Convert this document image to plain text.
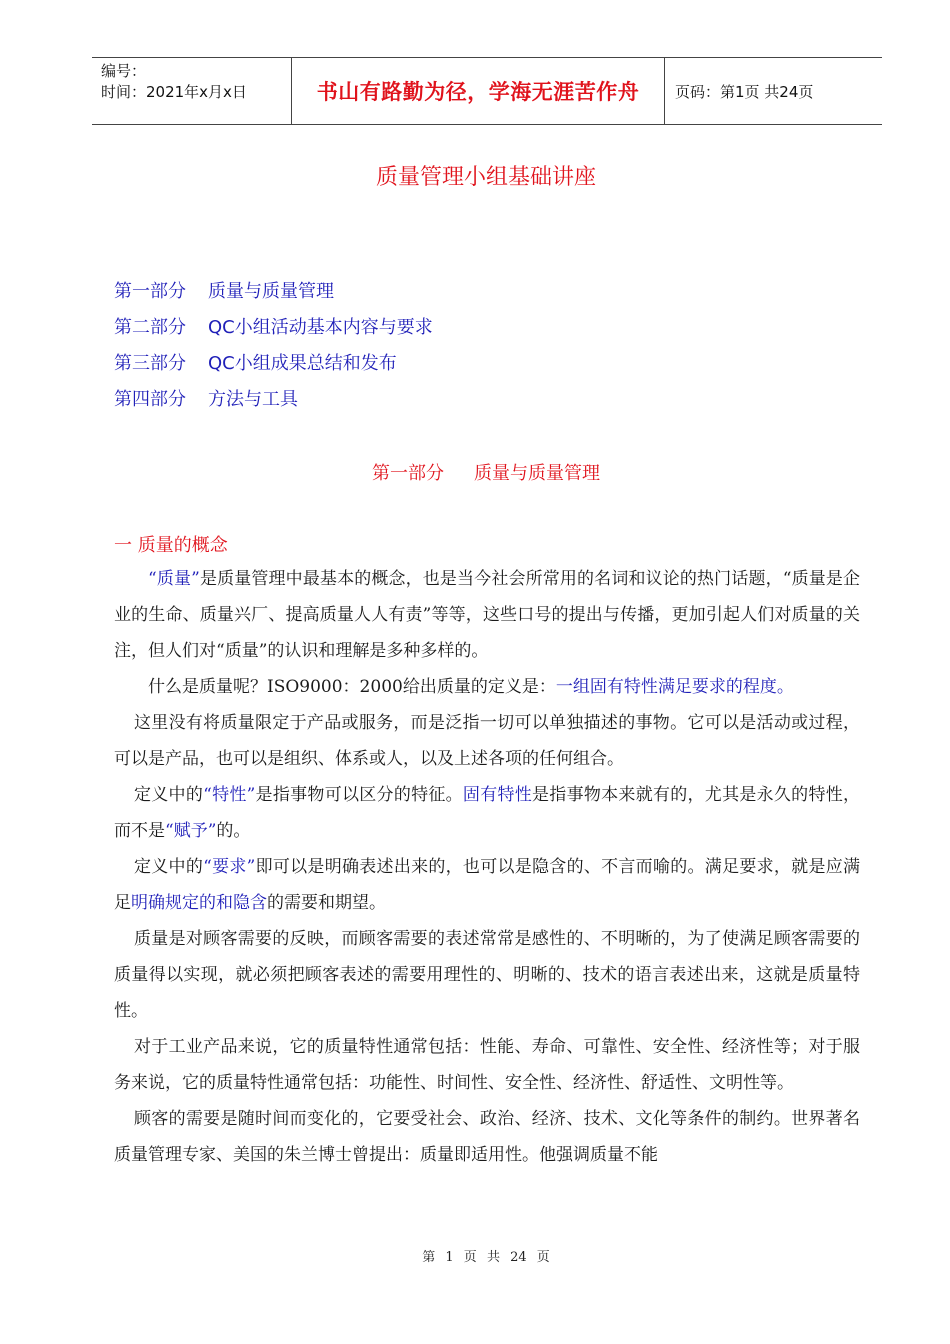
编号：
时间：2021年x月x日	书山有路勤为径，学海无涯苦作舟	页码：第1页 共24页
质量管理小组基础讲座
第一部分	质量与质量管理
第二部分	QC小组活动基本内容与要求
第三部分	QC小组成果总结和发布
第四部分	方法与工具
第一部分 质量与质量管理
一 质量的概念

“质量”是质量管理中最基本的概念，也是当今社会所常用的名词和议论的热门话题，“质量是企业的生命、质量兴厂、提高质量人人有责”等等，这些口号的提出与传播，更加引起人们对质量的关注，但人们对“质量”的认识和理解是多种多样的。

什么是质量呢？ISO9000：2000给出质量的定义是：一组固有特性满足要求的程度。

这里没有将质量限定于产品或服务，而是泛指一切可以单独描述的事物。它可以是活动或过程，可以是产品，也可以是组织、体系或人，以及上述各项的任何组合。

定义中的“特性”是指事物可以区分的特征。固有特性是指事物本来就有的，尤其是永久的特性，而不是“赋予”的。

定义中的“要求”即可以是明确表述出来的，也可以是隐含的、不言而喻的。满足要求，就是应满足明确规定的和隐含的需要和期望。

质量是对顾客需要的反映，而顾客需要的表述常常是感性的、不明晰的，为了使满足顾客需要的质量得以实现，就必须把顾客表述的需要用理性的、明晰的、技术的语言表述出来，这就是质量特性。

对于工业产品来说，它的质量特性通常包括：性能、寿命、可靠性、安全性、经济性等；对于服务来说，它的质量特性通常包括：功能性、时间性、安全性、经济性、舒适性、文明性等。

顾客的需要是随时间而变化的，它要受社会、政治、经济、技术、文化等条件的制约。世界著名质量管理专家、美国的朱兰博士曾提出：质量即适用性。他强调质量不能

第 1 页 共 24 页
